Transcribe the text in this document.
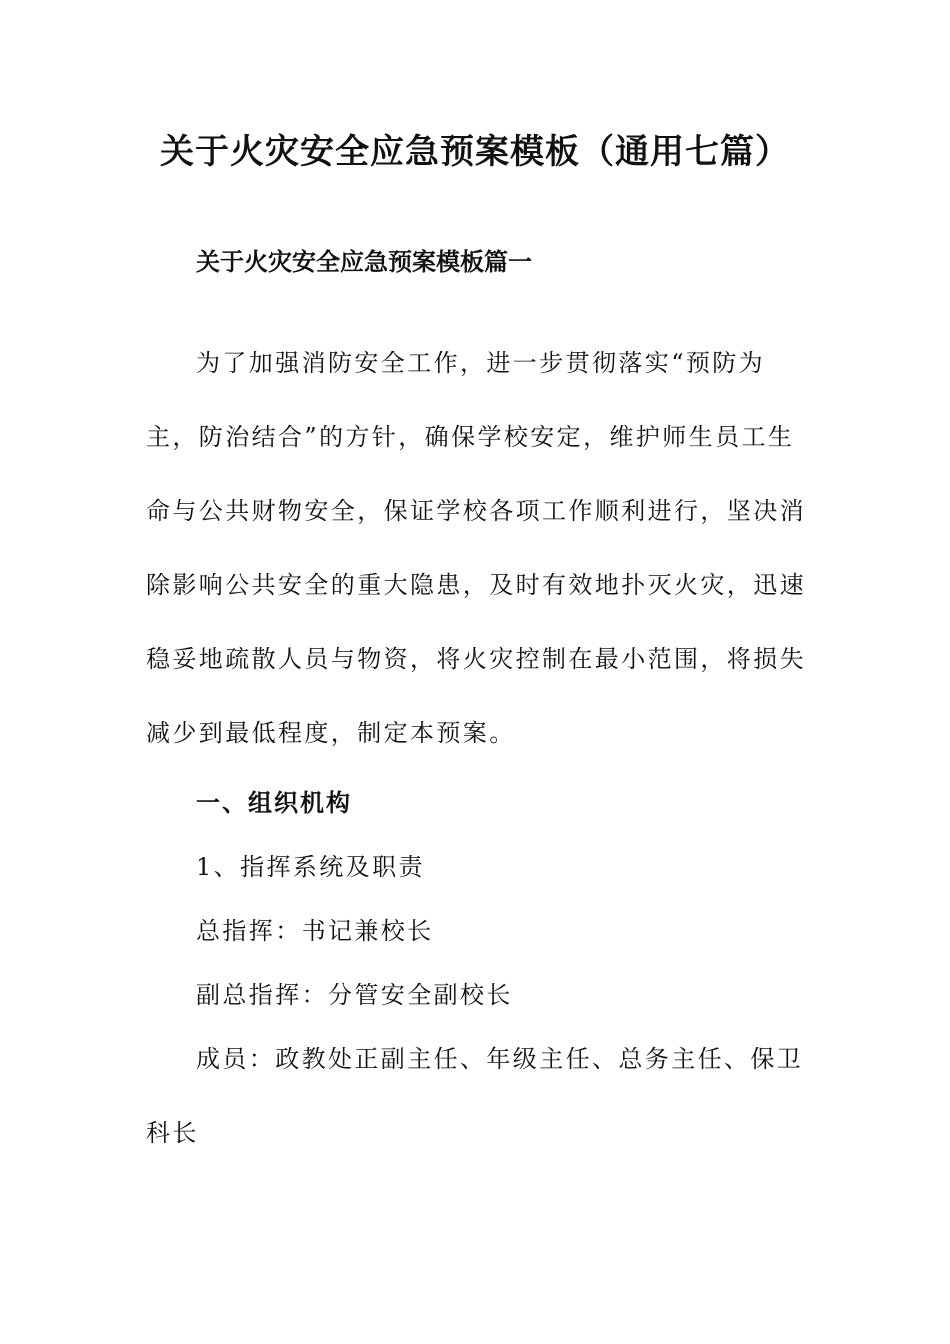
关于火灾安全应急预案模板（通用七篇）
关于火灾安全应急预案模板篇一
为了加强消防安全工作，进一步贯彻落实“预防为
主，防治结合”的方针，确保学校安定，维护师生员工生
命与公共财物安全，保证学校各项工作顺利进行，坚决消
除影响公共安全的重大隐患，及时有效地扑灭火灾，迅速
稳妥地疏散人员与物资，将火灾控制在最小范围，将损失
减少到最低程度，制定本预案。
一、组织机构

1、指挥系统及职责

总指挥：书记兼校长

副总指挥：分管安全副校长

成员：政教处正副主任、年级主任、总务主任、保卫

科长
